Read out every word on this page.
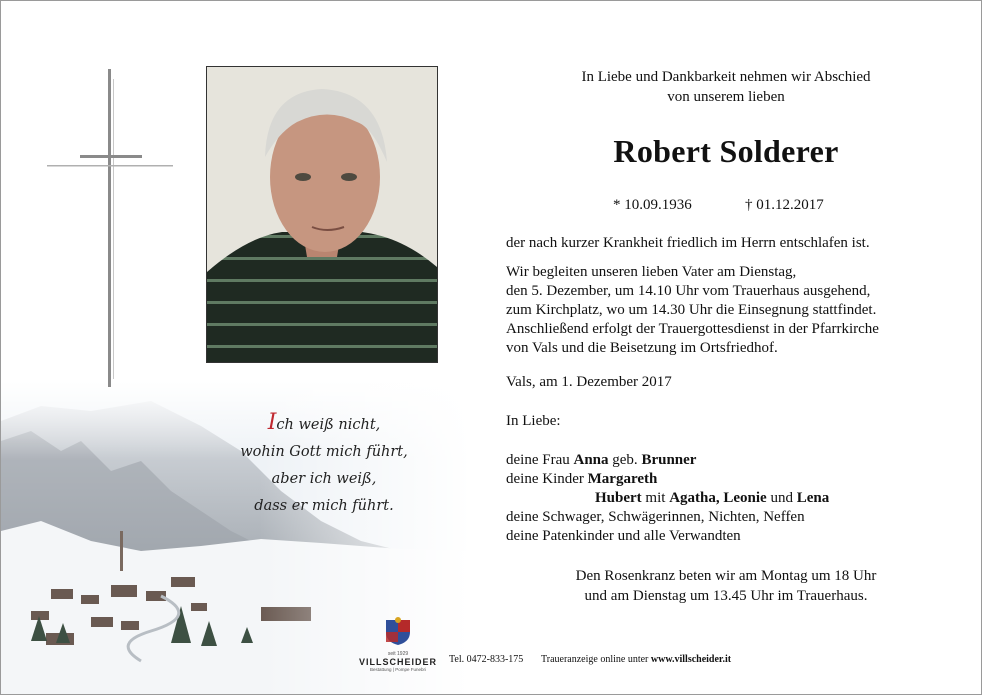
Ich weiß nicht,
wohin Gott mich führt,
aber ich weiß,
dass er mich führt.
In Liebe und Dankbarkeit nehmen wir Abschied
von unserem lieben
Robert Solderer
* 10.09.1936	† 01.12.2017
der nach kurzer Krankheit friedlich im Herrn entschlafen ist.
Wir begleiten unseren lieben Vater am Dienstag,
den 5. Dezember, um 14.10 Uhr vom Trauerhaus ausgehend,
zum Kirchplatz, wo um 14.30 Uhr die Einsegnung stattfindet.
Anschließend erfolgt der Trauergottesdienst in der Pfarrkirche
von Vals und die Beisetzung im Ortsfriedhof.
Vals, am 1. Dezember 2017
In Liebe:
deine Frau Anna geb. Brunner
deine Kinder Margareth
Hubert mit Agatha, Leonie und Lena
deine Schwager, Schwägerinnen, Nichten, Neffen
deine Patenkinder und alle Verwandten
Den Rosenkranz beten wir am Montag um 18 Uhr
und am Dienstag um 13.45 Uhr im Trauerhaus.
seit 1929
VILLSCHEIDER
Bestattung | Pompe Funebri
Tel. 0472-833-175 Traueranzeige online unter www.villscheider.it
